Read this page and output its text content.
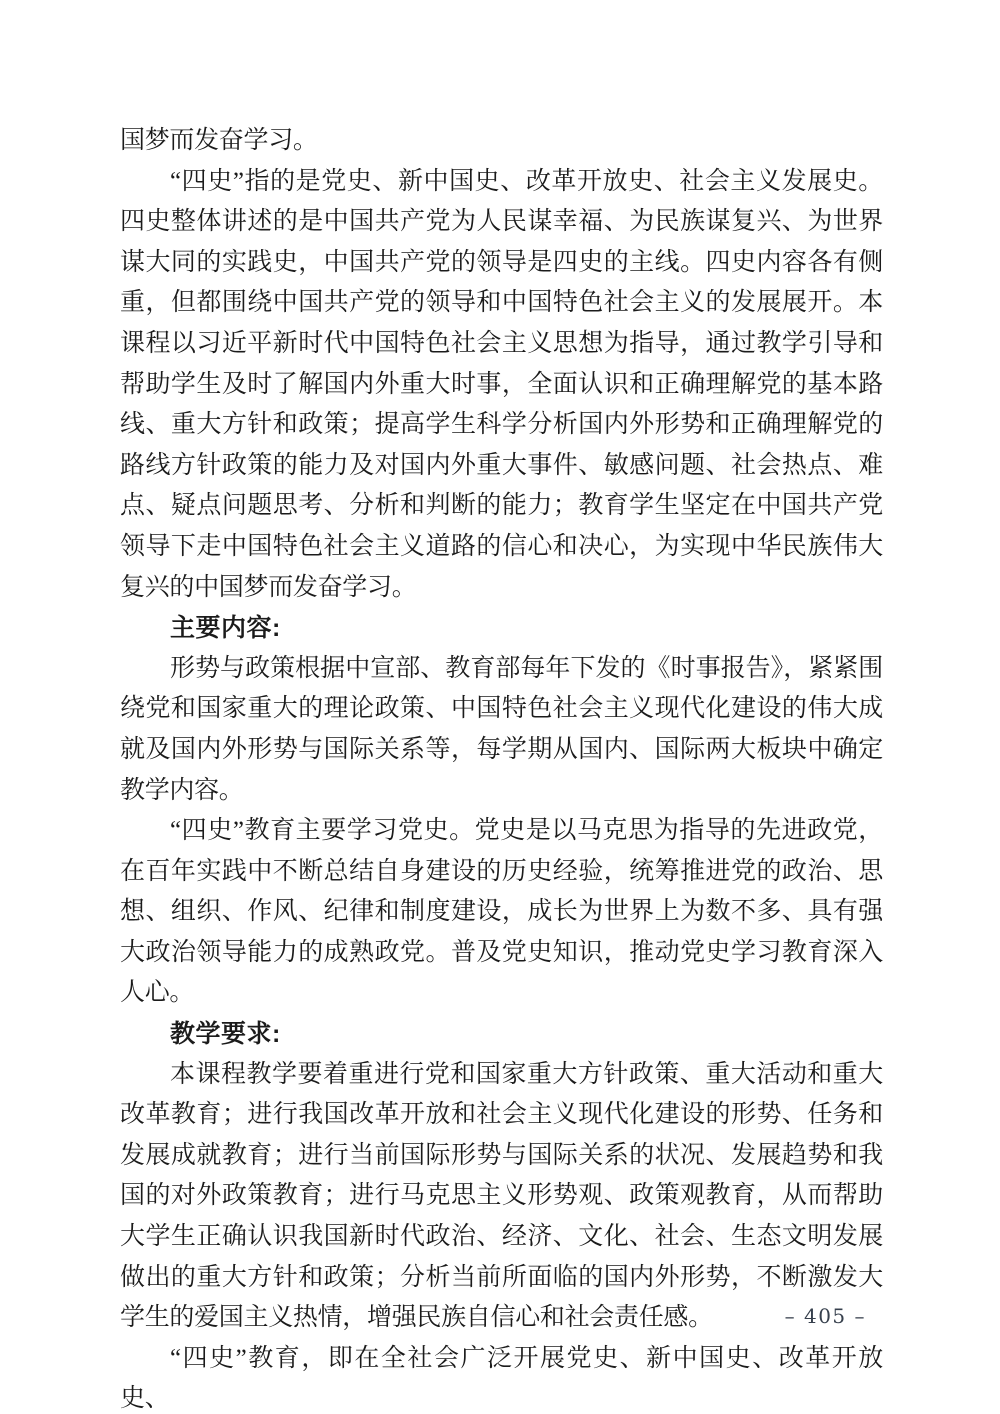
国梦而发奋学习。

“四史”指的是党史、新中国史、改革开放史、社会主义发展史。四史整体讲述的是中国共产党为人民谋幸福、为民族谋复兴、为世界谋大同的实践史，中国共产党的领导是四史的主线。四史内容各有侧重，但都围绕中国共产党的领导和中国特色社会主义的发展展开。本课程以习近平新时代中国特色社会主义思想为指导，通过教学引导和帮助学生及时了解国内外重大时事，全面认识和正确理解党的基本路线、重大方针和政策；提高学生科学分析国内外形势和正确理解党的路线方针政策的能力及对国内外重大事件、敏感问题、社会热点、难点、疑点问题思考、分析和判断的能力；教育学生坚定在中国共产党领导下走中国特色社会主义道路的信心和决心，为实现中华民族伟大复兴的中国梦而发奋学习。

主要内容:

形势与政策根据中宣部、教育部每年下发的《时事报告》，紧紧围绕党和国家重大的理论政策、中国特色社会主义现代化建设的伟大成就及国内外形势与国际关系等，每学期从国内、国际两大板块中确定教学内容。

“四史”教育主要学习党史。党史是以马克思为指导的先进政党，在百年实践中不断总结自身建设的历史经验，统筹推进党的政治、思想、组织、作风、纪律和制度建设，成长为世界上为数不多、具有强大政治领导能力的成熟政党。普及党史知识，推动党史学习教育深入人心。

教学要求:

本课程教学要着重进行党和国家重大方针政策、重大活动和重大改革教育；进行我国改革开放和社会主义现代化建设的形势、任务和发展成就教育；进行当前国际形势与国际关系的状况、发展趋势和我国的对外政策教育；进行马克思主义形势观、政策观教育，从而帮助大学生正确认识我国新时代政治、经济、文化、社会、生态文明发展做出的重大方针和政策；分析当前所面临的国内外形势，不断激发大学生的爱国主义热情，增强民族自信心和社会责任感。

“四史”教育，即在全社会广泛开展党史、新中国史、改革开放史、

– 405 –
